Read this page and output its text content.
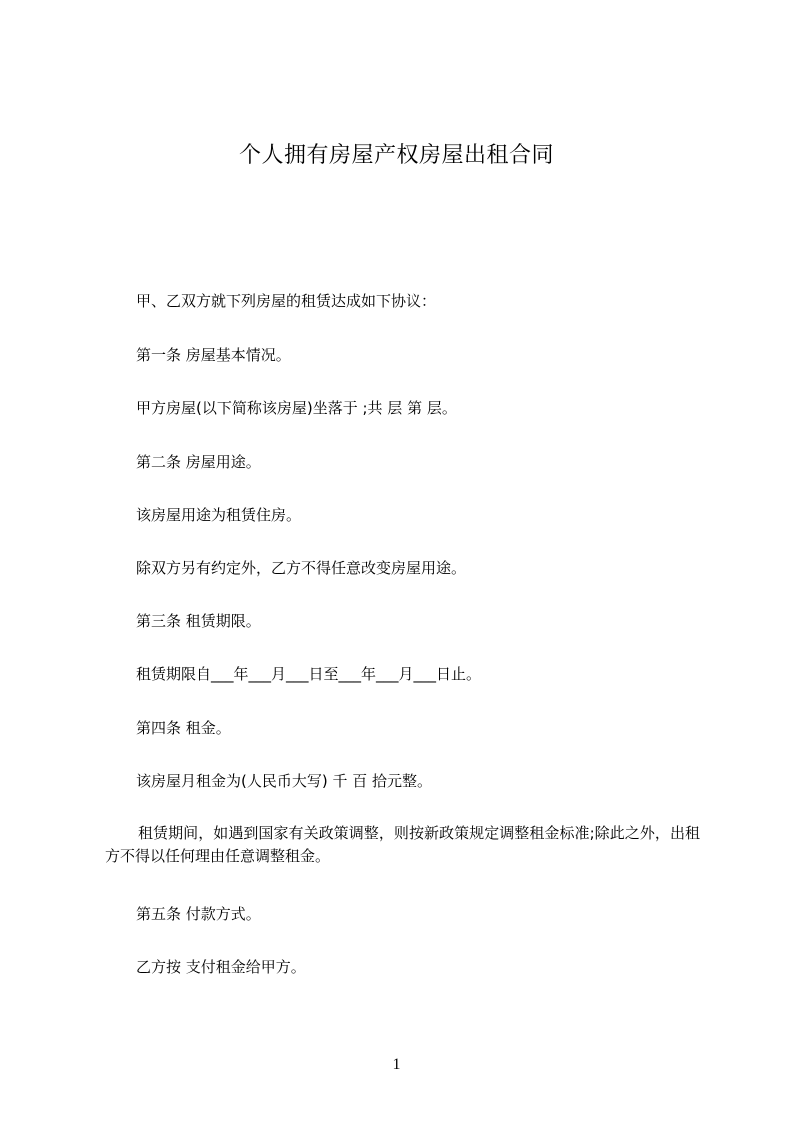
个人拥有房屋产权房屋出租合同
甲、乙双方就下列房屋的租赁达成如下协议：
第一条 房屋基本情况。
甲方房屋(以下简称该房屋)坐落于 ;共 层 第 层。
第二条 房屋用途。
该房屋用途为租赁住房。
除双方另有约定外，乙方不得任意改变房屋用途。
第三条 租赁期限。
租赁期限自___年___月___日至___年___月___日止。
第四条 租金。
该房屋月租金为(人民币大写) 千 百 拾元整。
租赁期间，如遇到国家有关政策调整，则按新政策规定调整租金标准;除此之外，出租方不得以任何理由任意调整租金。
第五条 付款方式。
乙方按 支付租金给甲方。
1
